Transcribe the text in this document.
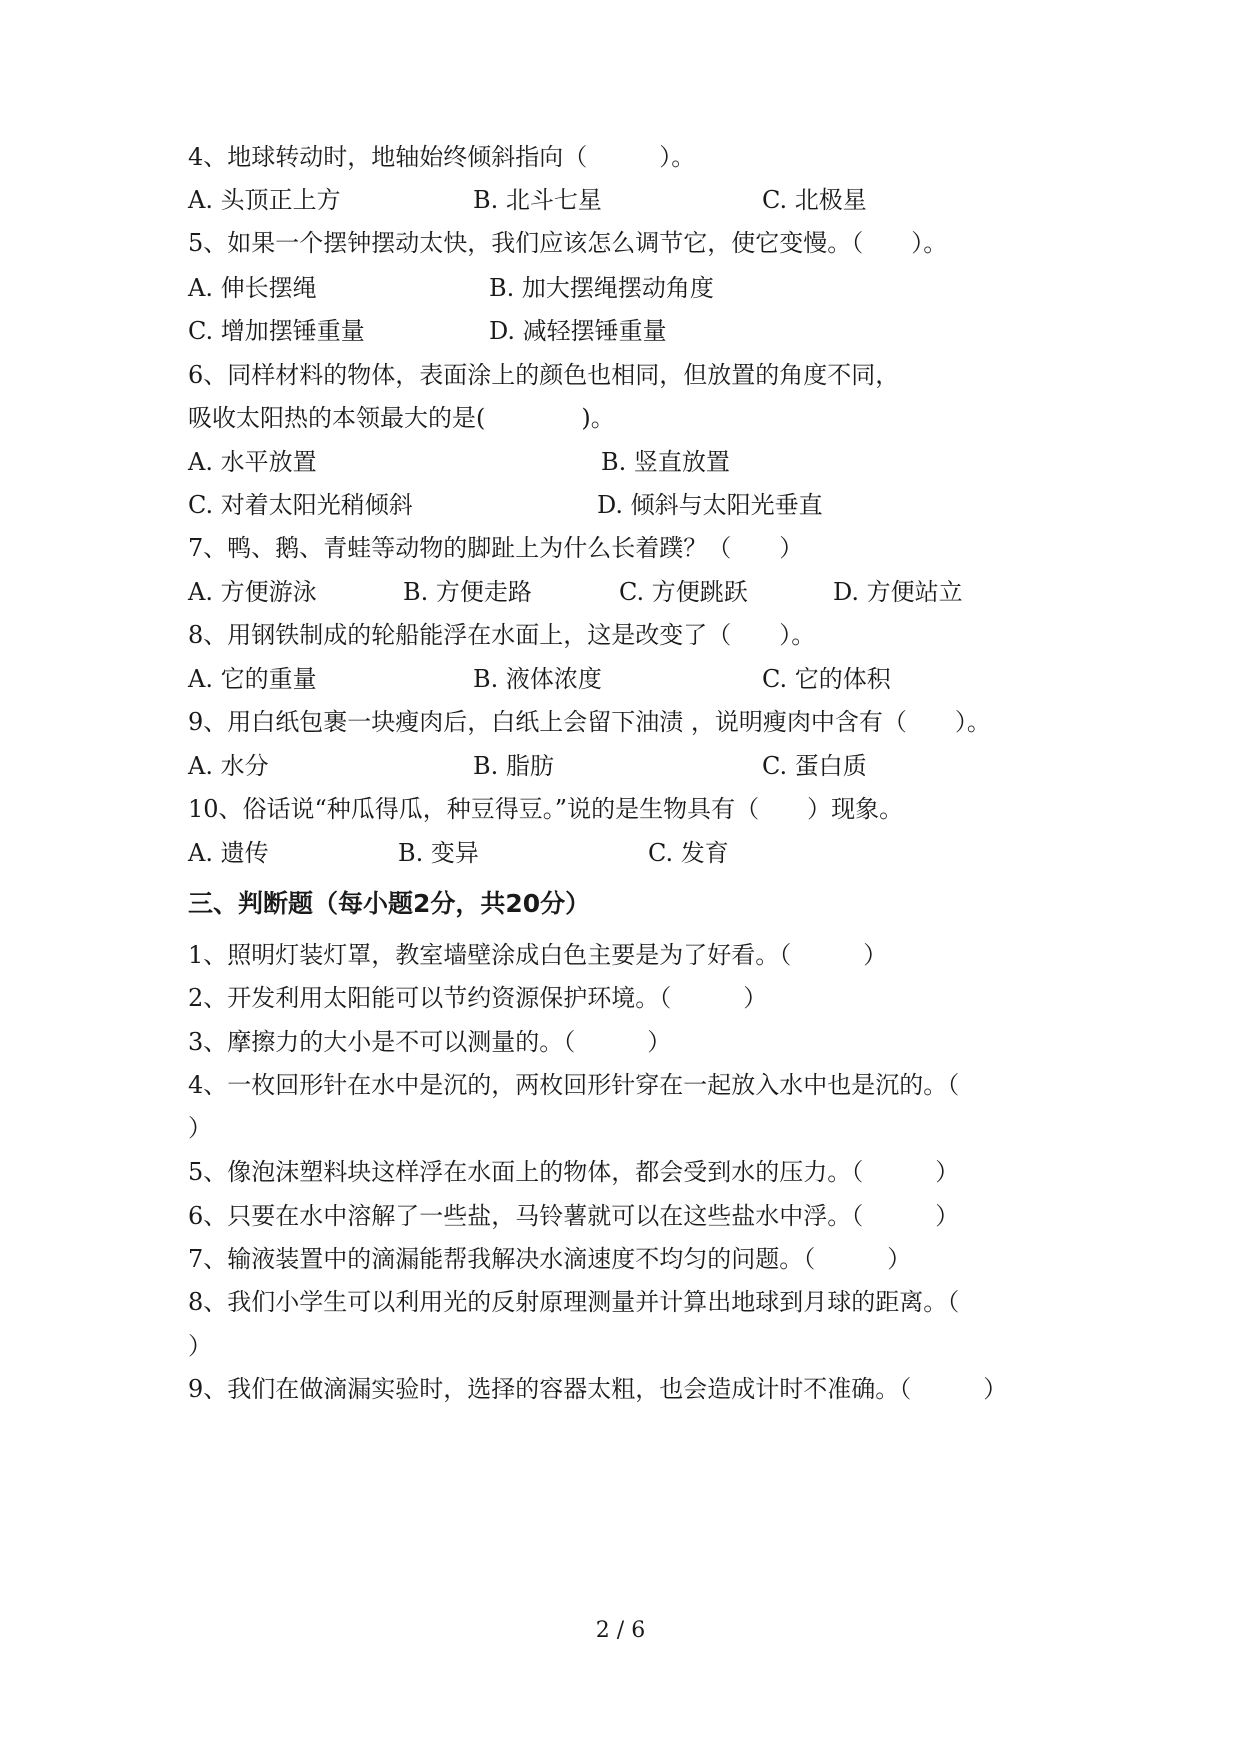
4、地球转动时，地轴始终倾斜指向（　　　）。
A. 头顶正上方	B. 北斗七星	C. 北极星
5、如果一个摆钟摆动太快，我们应该怎么调节它，使它变慢。（　　）。
A. 伸长摆绳	B. 加大摆绳摆动角度
C. 增加摆锤重量	D. 减轻摆锤重量
6、同样材料的物体，表面涂上的颜色也相同，但放置的角度不同，
吸收太阳热的本领最大的是(　　　　)。
A. 水平放置	B. 竖直放置
C. 对着太阳光稍倾斜	D. 倾斜与太阳光垂直
7、鸭、鹅、青蛙等动物的脚趾上为什么长着蹼？（　　）
A. 方便游泳	B. 方便走路	C. 方便跳跃	D. 方便站立
8、用钢铁制成的轮船能浮在水面上，这是改变了（　　）。
A. 它的重量	B. 液体浓度	C. 它的体积
9、用白纸包裹一块瘦肉后，白纸上会留下油渍 ，说明瘦肉中含有（　　）。
A. 水分	B. 脂肪	C. 蛋白质
10、俗话说“种瓜得瓜，种豆得豆。”说的是生物具有（　　）现象。
A. 遗传	B. 变异	C. 发育
三、判断题（每小题2分，共20分）
1、照明灯装灯罩，教室墙壁涂成白色主要是为了好看。（　　　）
2、开发利用太阳能可以节约资源保护环境。（　　　）
3、摩擦力的大小是不可以测量的。（　　　）
4、一枚回形针在水中是沉的，两枚回形针穿在一起放入水中也是沉的。（
）
5、像泡沫塑料块这样浮在水面上的物体，都会受到水的压力。（　　　）
6、只要在水中溶解了一些盐，马铃薯就可以在这些盐水中浮。（　　　）
7、输液装置中的滴漏能帮我解决水滴速度不均匀的问题。（　　　）
8、我们小学生可以利用光的反射原理测量并计算出地球到月球的距离。（
）
9、我们在做滴漏实验时，选择的容器太粗，也会造成计时不准确。（　　　）
2 / 6
